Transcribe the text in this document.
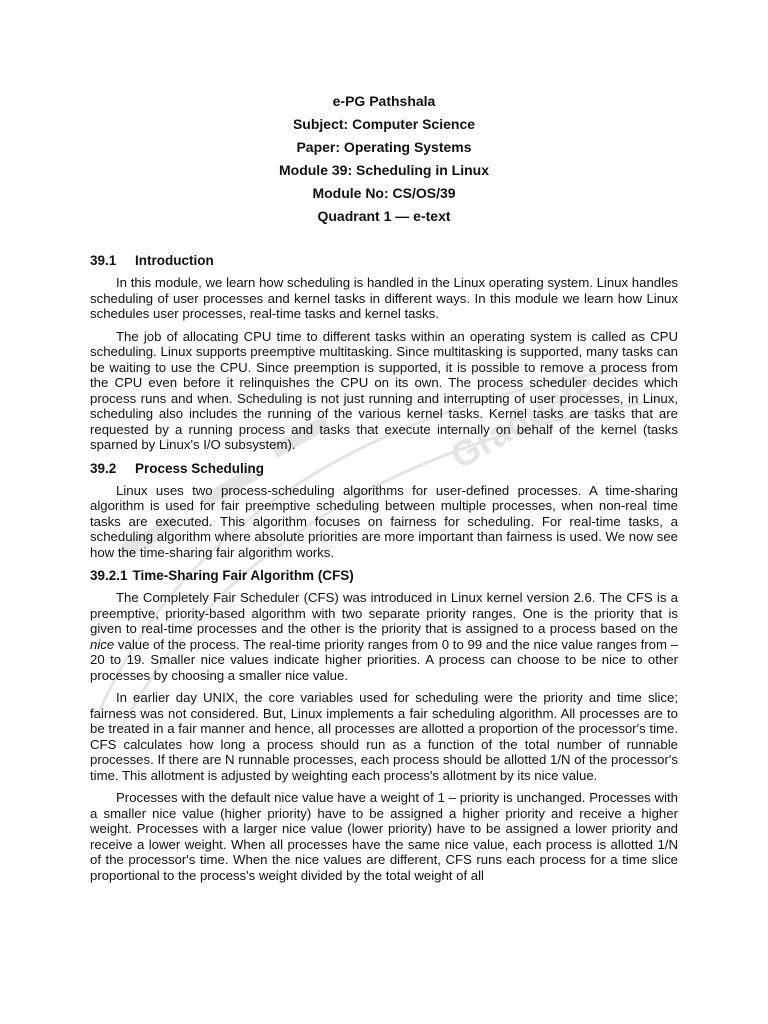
Graduate
e-PG Pathshala
Subject: Computer Science
Paper: Operating Systems
Module 39: Scheduling in Linux
Module No: CS/OS/39
Quadrant 1 — e-text
39.1 Introduction

In this module, we learn how scheduling is handled in the Linux operating system. Linux handles scheduling of user processes and kernel tasks in different ways. In this module we learn how Linux schedules user processes, real-time tasks and kernel tasks.

The job of allocating CPU time to different tasks within an operating system is called as CPU scheduling. Linux supports preemptive multitasking. Since multitasking is supported, many tasks can be waiting to use the CPU. Since preemption is supported, it is possible to remove a process from the CPU even before it relinquishes the CPU on its own. The process scheduler decides which process runs and when. Scheduling is not just running and interrupting of user processes, in Linux, scheduling also includes the running of the various kernel tasks. Kernel tasks are tasks that are requested by a running process and tasks that execute internally on behalf of the kernel (tasks sparned by Linux's I/O subsystem).

39.2 Process Scheduling

Linux uses two process-scheduling algorithms for user-defined processes. A time-sharing algorithm is used for fair preemptive scheduling between multiple processes, when non-real time tasks are executed. This algorithm focuses on fairness for scheduling. For real-time tasks, a scheduling algorithm where absolute priorities are more important than fairness is used. We now see how the time-sharing fair algorithm works.

39.2.1 Time-Sharing Fair Algorithm (CFS)

The Completely Fair Scheduler (CFS) was introduced in Linux kernel version 2.6. The CFS is a preemptive, priority-based algorithm with two separate priority ranges. One is the priority that is given to real-time processes and the other is the priority that is assigned to a process based on the nice value of the process. The real-time priority ranges from 0 to 99 and the nice value ranges from – 20 to 19. Smaller nice values indicate higher priorities. A process can choose to be nice to other processes by choosing a smaller nice value.

In earlier day UNIX, the core variables used for scheduling were the priority and time slice; fairness was not considered. But, Linux implements a fair scheduling algorithm. All processes are to be treated in a fair manner and hence, all processes are allotted a proportion of the processor's time. CFS calculates how long a process should run as a function of the total number of runnable processes. If there are N runnable processes, each process should be allotted 1/N of the processor's time. This allotment is adjusted by weighting each process's allotment by its nice value.

Processes with the default nice value have a weight of 1 – priority is unchanged. Processes with a smaller nice value (higher priority) have to be assigned a higher priority and receive a higher weight. Processes with a larger nice value (lower priority) have to be assigned a lower priority and receive a lower weight. When all processes have the same nice value, each process is allotted 1/N of the processor's time. When the nice values are different, CFS runs each process for a time slice proportional to the process's weight divided by the total weight of all
